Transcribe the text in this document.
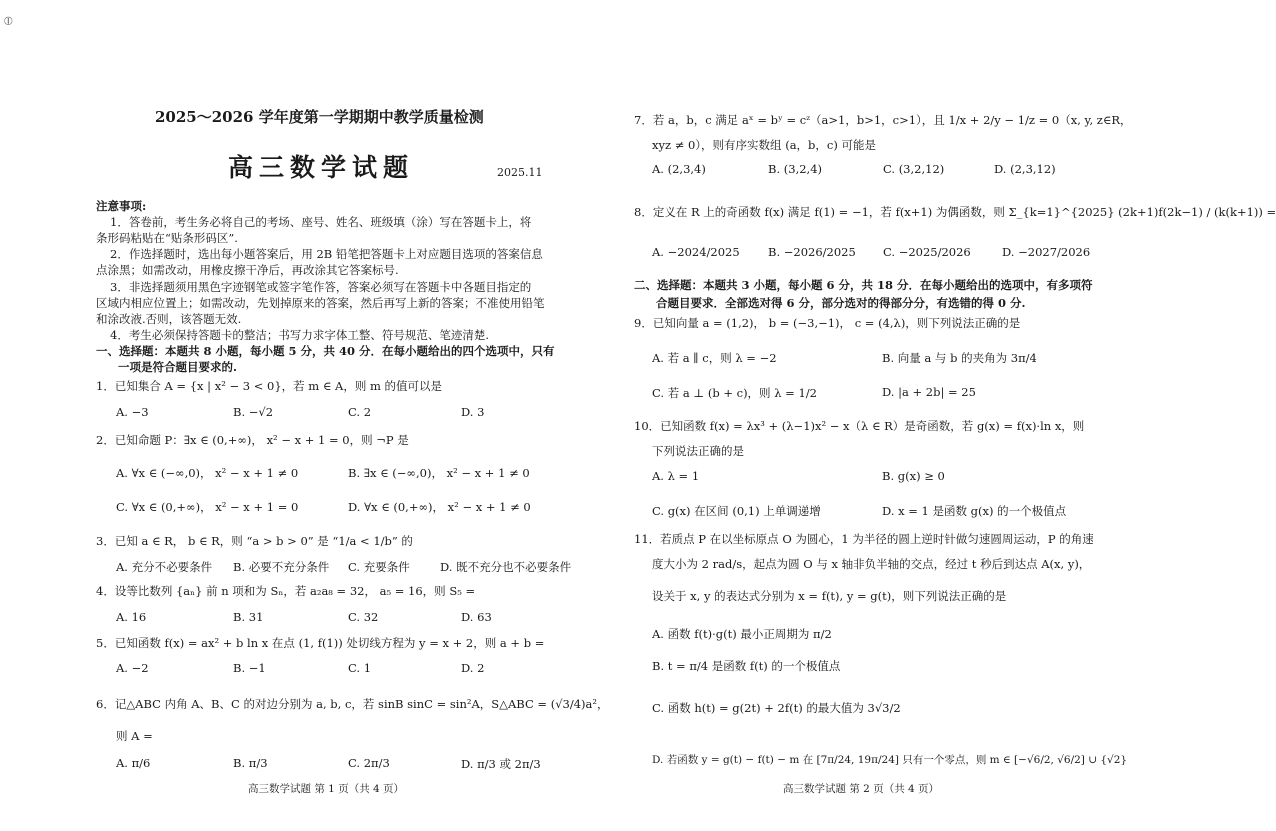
⦶
2025～2026 学年度第一学期期中教学质量检测
高三数学试题	2025.11
注意事项:
1．答卷前，考生务必将自己的考场、座号、姓名、班级填（涂）写在答题卡上，将
条形码粘贴在“贴条形码区”.
2．作选择题时，选出每小题答案后，用 2B 铅笔把答题卡上对应题目选项的答案信息
点涂黑；如需改动，用橡皮擦干净后，再改涂其它答案标号.
3．非选择题须用黑色字迹钢笔或签字笔作答，答案必须写在答题卡中各题目指定的
区域内相应位置上；如需改动，先划掉原来的答案，然后再写上新的答案；不准使用铅笔
和涂改液.否则，该答题无效.
4．考生必须保持答题卡的整洁；书写力求字体工整、符号规范、笔迹清楚.
一、选择题：本题共 8 小题，每小题 5 分，共 40 分．在每小题给出的四个选项中，只有
一项是符合题目要求的.
1．已知集合 A = {x | x² − 3 < 0}，若 m ∈ A，则 m 的值可以是
A. −3	B. −√2	C. 2	D. 3
2．已知命题 P：∃x ∈ (0,+∞)， x² − x + 1 = 0，则 ¬P 是
A. ∀x ∈ (−∞,0)， x² − x + 1 ≠ 0	B. ∃x ∈ (−∞,0)， x² − x + 1 ≠ 0
C. ∀x ∈ (0,+∞)， x² − x + 1 = 0	D. ∀x ∈ (0,+∞)， x² − x + 1 ≠ 0
3．已知 a ∈ R， b ∈ R，则 “a > b > 0” 是 “1/a < 1/b” 的
A. 充分不必要条件 B. 必要不充分条件 C. 充要条件	D. 既不充分也不必要条件
4．设等比数列 {aₙ} 前 n 项和为 Sₙ，若 a₂a₈ = 32， a₅ = 16，则 S₅ =
A. 16	B. 31	C. 32	D. 63
5．已知函数 f(x) = ax² + b ln x 在点 (1, f(1)) 处切线方程为 y = x + 2，则 a + b =
A. −2	B. −1	C. 1	D. 2
6．记△ABC 内角 A、B、C 的对边分别为 a, b, c，若 sinB sinC = sin²A，S△ABC = (√3/4)a²，
则 A =
A. π/6	B. π/3	C. 2π/3	D. π/3 或 2π/3
高三数学试题 第 1 页（共 4 页）
7．若 a，b，c 满足 aˣ = bʸ = cᶻ（a>1，b>1，c>1），且 1/x + 2/y − 1/z = 0（x, y, z∈R，
xyz ≠ 0），则有序实数组 (a，b，c) 可能是
A. (2,3,4)	B. (3,2,4)	C. (3,2,12)	D. (2,3,12)
8．定义在 R 上的奇函数 f(x) 满足 f(1) = −1，若 f(x+1) 为偶函数，则 Σ_{k=1}^{2025} (2k+1)f(2k−1) / (k(k+1)) =
A. −2024/2025 B. −2026/2025 C. −2025/2026	D. −2027/2026
二、选择题：本题共 3 小题，每小题 6 分，共 18 分．在每小题给出的选项中，有多项符
合题目要求．全部选对得 6 分，部分选对的得部分分，有选错的得 0 分.
9．已知向量 a = (1,2)， b = (−3,−1)， c = (4,λ)，则下列说法正确的是
A. 若 a ∥ c，则 λ = −2	B. 向量 a 与 b 的夹角为 3π/4
C. 若 a ⊥ (b + c)，则 λ = 1/2	D. |a + 2b| = 25
10．已知函数 f(x) = λx³ + (λ−1)x² − x（λ ∈ R）是奇函数，若 g(x) = f(x)·ln x，则
下列说法正确的是
A. λ = 1	B. g(x) ≥ 0
C. g(x) 在区间 (0,1) 上单调递增	D. x = 1 是函数 g(x) 的一个极值点
11．若质点 P 在以坐标原点 O 为圆心，1 为半径的圆上逆时针做匀速圆周运动，P 的角速
度大小为 2 rad/s，起点为圆 O 与 x 轴非负半轴的交点，经过 t 秒后到达点 A(x, y)，
设关于 x, y 的表达式分别为 x = f(t), y = g(t)，则下列说法正确的是
A. 函数 f(t)·g(t) 最小正周期为 π/2
B. t = π/4 是函数 f(t) 的一个极值点
C. 函数 h(t) = g(2t) + 2f(t) 的最大值为 3√3/2
D. 若函数 y = g(t) − f(t) − m 在 [7π/24, 19π/24] 只有一个零点，则 m ∈ [−√6/2, √6/2] ∪ {√2}
高三数学试题 第 2 页（共 4 页）
